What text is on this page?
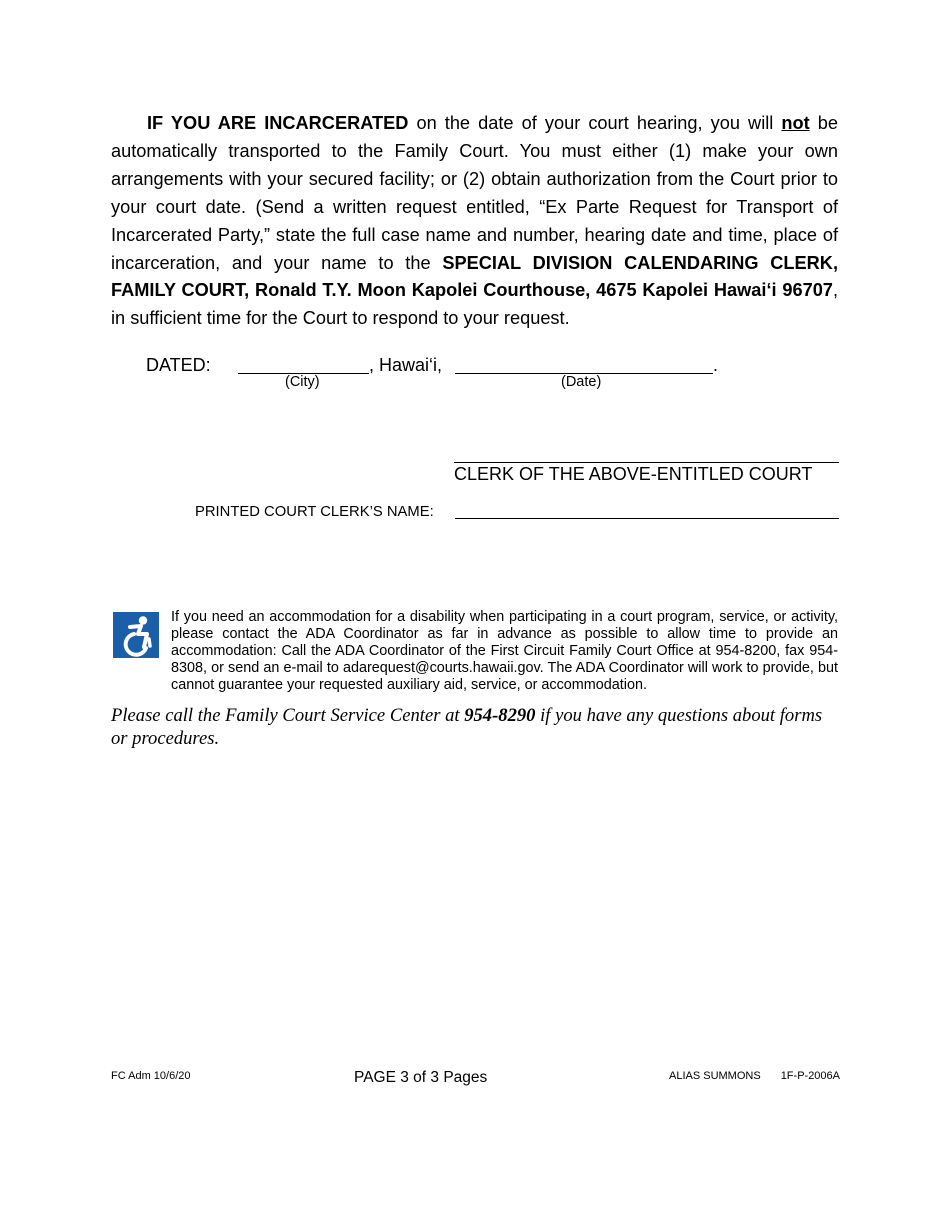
IF YOU ARE INCARCERATED on the date of your court hearing, you will not be automatically transported to the Family Court. You must either (1) make your own arrangements with your secured facility; or (2) obtain authorization from the Court prior to your court date. (Send a written request entitled, “Ex Parte Request for Transport of Incarcerated Party,” state the full case name and number, hearing date and time, place of incarceration, and your name to the SPECIAL DIVISION CALENDARING CLERK, FAMILY COURT, Ronald T.Y. Moon Kapolei Courthouse, 4675 Kapolei Hawai‘i 96707, in sufficient time for the Court to respond to your request.

DATED:	, Hawai‘i,	.
(City)	(Date)
CLERK OF THE ABOVE-ENTITLED COURT
PRINTED COURT CLERK’S NAME:

If you need an accommodation for a disability when participating in a court program, service, or activity, please contact the ADA Coordinator as far in advance as possible to allow time to provide an accommodation: Call the ADA Coordinator of the First Circuit Family Court Office at 954-8200, fax 954-8308, or send an e-mail to adarequest@courts.hawaii.gov. The ADA Coordinator will work to provide, but cannot guarantee your requested auxiliary aid, service, or accommodation.

Please call the Family Court Service Center at 954-8290 if you have any questions about forms or procedures.

FC Adm 10/6/20	PAGE 3 of 3 Pages	ALIAS SUMMONS 1F-P-2006A
